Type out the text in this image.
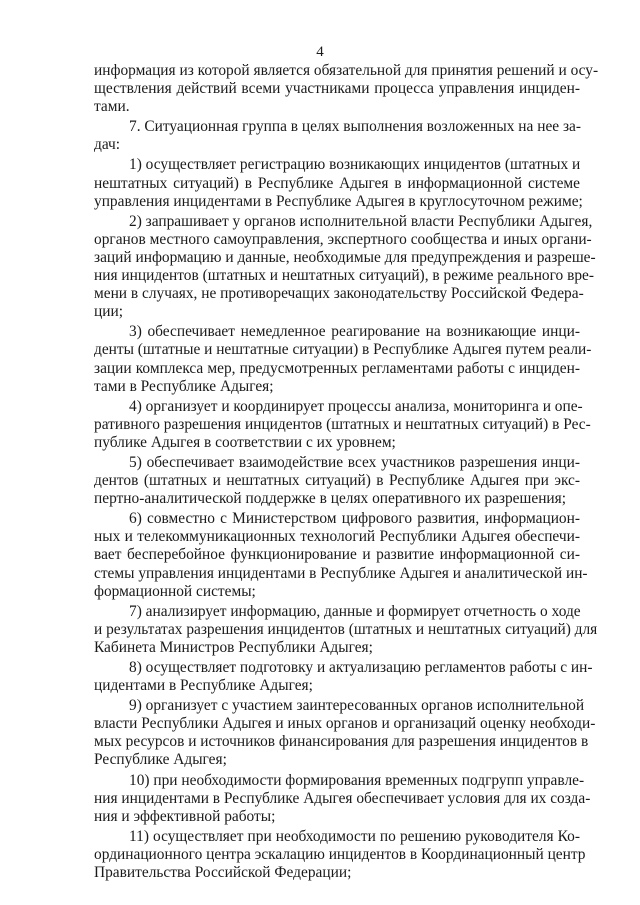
4

информация из которой является обязательной для принятия решений и осу-
ществления действий всеми участниками процесса управления инциден-
тами.

7. Ситуационная группа в целях выполнения возложенных на нее за-
дач:

1) осуществляет регистрацию возникающих инцидентов (штатных и
нештатных ситуаций) в Республике Адыгея в информационной системе
управления инцидентами в Республике Адыгея в круглосуточном режиме;

2) запрашивает у органов исполнительной власти Республики Адыгея,
органов местного самоуправления, экспертного сообщества и иных органи-
заций информацию и данные, необходимые для предупреждения и разреше-
ния инцидентов (штатных и нештатных ситуаций), в режиме реального вре-
мени в случаях, не противоречащих законодательству Российской Федера-
ции;

3) обеспечивает немедленное реагирование на возникающие инци-
денты (штатные и нештатные ситуации) в Республике Адыгея путем реали-
зации комплекса мер, предусмотренных регламентами работы с инциден-
тами в Республике Адыгея;

4) организует и координирует процессы анализа, мониторинга и опе-
ративного разрешения инцидентов (штатных и нештатных ситуаций) в Рес-
публике Адыгея в соответствии с их уровнем;

5) обеспечивает взаимодействие всех участников разрешения инци-
дентов (штатных и нештатных ситуаций) в Республике Адыгея при экс-
пертно-аналитической поддержке в целях оперативного их разрешения;

6) совместно с Министерством цифрового развития, информацион-
ных и телекоммуникационных технологий Республики Адыгея обеспечи-
вает бесперебойное функционирование и развитие информационной си-
стемы управления инцидентами в Республике Адыгея и аналитической ин-
формационной системы;

7) анализирует информацию, данные и формирует отчетность о ходе
и результатах разрешения инцидентов (штатных и нештатных ситуаций) для
Кабинета Министров Республики Адыгея;

8) осуществляет подготовку и актуализацию регламентов работы с ин-
цидентами в Республике Адыгея;

9) организует с участием заинтересованных органов исполнительной
власти Республики Адыгея и иных органов и организаций оценку необходи-
мых ресурсов и источников финансирования для разрешения инцидентов в
Республике Адыгея;

10) при необходимости формирования временных подгрупп управле-
ния инцидентами в Республике Адыгея обеспечивает условия для их созда-
ния и эффективной работы;

11) осуществляет при необходимости по решению руководителя Ко-
ординационного центра эскалацию инцидентов в Координационный центр
Правительства Российской Федерации;
